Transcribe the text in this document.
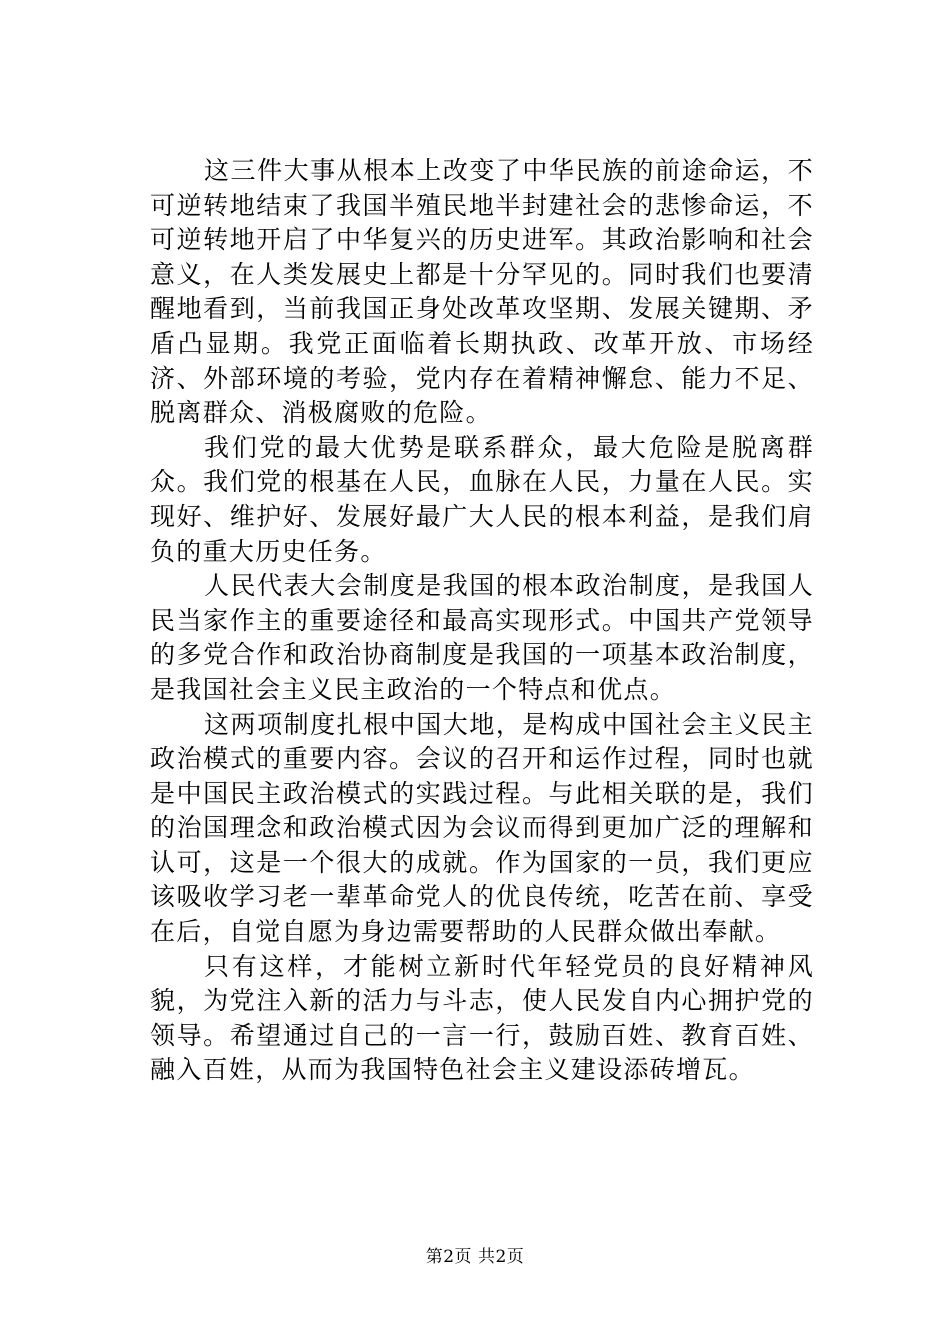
这三件大事从根本上改变了中华民族的前途命运，不可逆转地结束了我国半殖民地半封建社会的悲惨命运，不可逆转地开启了中华复兴的历史进军。其政治影响和社会意义，在人类发展史上都是十分罕见的。同时我们也要清醒地看到，当前我国正身处改革攻坚期、发展关键期、矛盾凸显期。我党正面临着长期执政、改革开放、市场经济、外部环境的考验，党内存在着精神懈怠、能力不足、脱离群众、消极腐败的危险。

我们党的最大优势是联系群众，最大危险是脱离群众。我们党的根基在人民，血脉在人民，力量在人民。实现好、维护好、发展好最广大人民的根本利益，是我们肩负的重大历史任务。

人民代表大会制度是我国的根本政治制度，是我国人民当家作主的重要途径和最高实现形式。中国共产党领导的多党合作和政治协商制度是我国的一项基本政治制度，是我国社会主义民主政治的一个特点和优点。

这两项制度扎根中国大地，是构成中国社会主义民主政治模式的重要内容。会议的召开和运作过程，同时也就是中国民主政治模式的实践过程。与此相关联的是，我们的治国理念和政治模式因为会议而得到更加广泛的理解和认可，这是一个很大的成就。作为国家的一员，我们更应该吸收学习老一辈革命党人的优良传统，吃苦在前、享受在后，自觉自愿为身边需要帮助的人民群众做出奉献。

只有这样，才能树立新时代年轻党员的良好精神风貌，为党注入新的活力与斗志，使人民发自内心拥护党的领导。希望通过自己的一言一行，鼓励百姓、教育百姓、融入百姓，从而为我国特色社会主义建设添砖增瓦。

第2页 共2页
